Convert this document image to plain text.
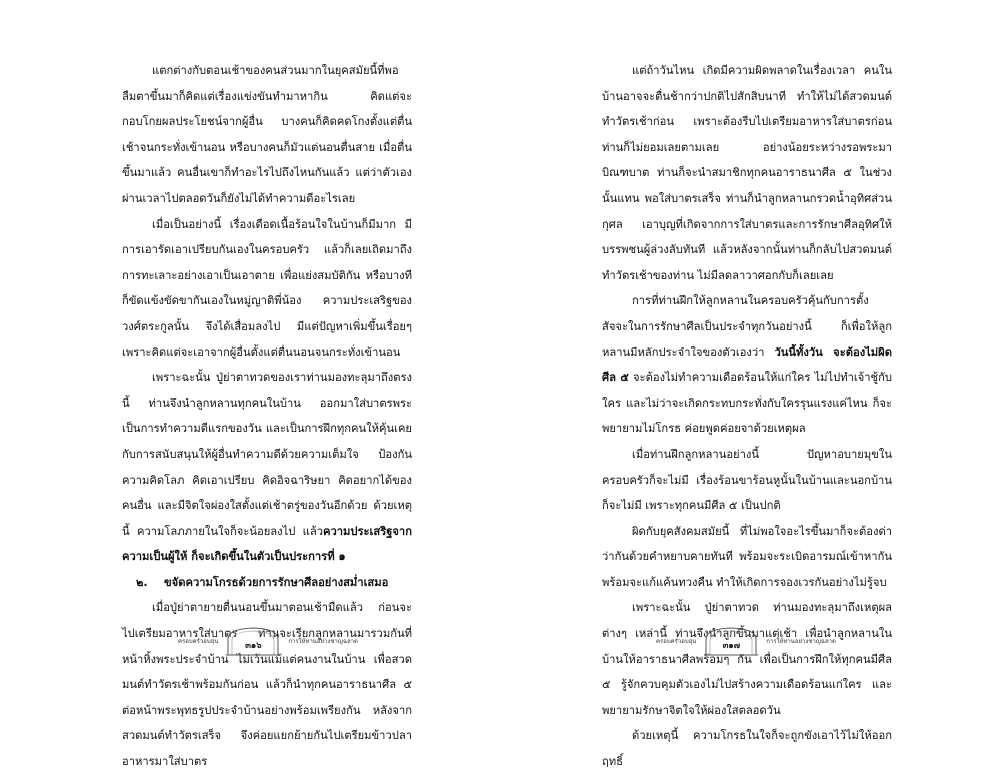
แตกต่างกับตอนเช้าของคนส่วนมากในยุคสมัยนี้ที่พอลืมตาขึ้นมาก็คิดแต่เรื่องแข่งขันทำมาหากิน คิดแต่จะกอบโกยผลประโยชน์จากผู้อื่น บางคนก็คิดคดโกงตั้งแต่ตื่นเช้าจนกระทั่งเข้านอน หรือบางคนก็มัวแต่นอนตื่นสาย เมื่อตื่นขึ้นมาแล้ว คนอื่นเขาก็ทำอะไรไปถึงไหนกันแล้ว แต่ว่าตัวเองผ่านเวลาไปตลอดวันก็ยังไม่ได้ทำความดีอะไรเลย

เมื่อเป็นอย่างนี้ เรื่องเดือดเนื้อร้อนใจในบ้านก็มีมาก มีการเอารัดเอาเปรียบกันเองในครอบครัว แล้วก็เลยเถิดมาถึงการทะเลาะอย่างเอาเป็นเอาตาย เพื่อแย่งสมบัติกัน หรือบางทีก็ขัดแข้งขัดขากันเองในหมู่ญาติพี่น้อง ความประเสริฐของวงศ์ตระกูลนั้น จึงได้เสื่อมลงไป มีแต่ปัญหาเพิ่มขึ้นเรื่อยๆ เพราะคิดแต่จะเอาจากผู้อื่นตั้งแต่ตื่นนอนจนกระทั่งเข้านอน

เพราะฉะนั้น ปู่ย่าตาทวดของเราท่านมองทะลุมาถึงตรงนี้ ท่านจึงนำลูกหลานทุกคนในบ้าน ออกมาใส่บาตรพระ เป็นการทำความดีแรกของวัน และเป็นการฝึกทุกคนให้คุ้นเคยกับการสนับสนุนให้ผู้อื่นทำความดีด้วยความเต็มใจ ป้องกันความคิดโลภ คิดเอาเปรียบ คิดอิจฉาริษยา คิดอยากได้ของคนอื่น และมีจิตใจผ่องใสตั้งแต่เช้าตรู่ของวันอีกด้วย ด้วยเหตุนี้ ความโลภภายในใจก็จะน้อยลงไป แล้วความประเสริฐจากความเป็นผู้ให้ ก็จะเกิดขึ้นในตัวเป็นประการที่ ๑

๒. ขจัดความโกรธด้วยการรักษาศีลอย่างสม่ำเสมอ

เมื่อปู่ย่าตายายตื่นนอนขึ้นมาตอนเช้ามืดแล้ว ก่อนจะไปเตรียมอาหารใส่บาตร ท่านจะเรียกลูกหลานมารวมกันที่หน้าหิ้งพระประจำบ้าน ไม่เว้นแม้แต่คนงานในบ้าน เพื่อสวดมนต์ทำวัตรเช้าพร้อมกันก่อน แล้วก็นำทุกคนอาราธนาศีล ๕ ต่อหน้าพระพุทธรูปประจำบ้านอย่างพร้อมเพรียงกัน หลังจากสวดมนต์ทำวัตรเสร็จ จึงค่อยแยกย้ายกันไปเตรียมข้าวปลาอาหารมาใส่บาตร

ครอบครัวอบอุ่น	๓๑๖	การให้ทานอย่างชาญฉลาด

แต่ถ้าวันไหน เกิดมีความผิดพลาดในเรื่องเวลา คนในบ้านอาจจะตื่นช้ากว่าปกติไปสักสิบนาที ทำให้ไม่ได้สวดมนต์ทำวัตรเช้าก่อน เพราะต้องรีบไปเตรียมอาหารใส่บาตรก่อน ท่านก็ไม่ยอมเลยตามเลย อย่างน้อยระหว่างรอพระมาบิณฑบาต ท่านก็จะนำสมาชิกทุกคนอาราธนาศีล ๕ ในช่วงนั้นแทน พอใส่บาตรเสร็จ ท่านก็นำลูกหลานกรวดน้ำอุทิศส่วนกุศล เอาบุญที่เกิดจากการใส่บาตรและการรักษาศีลอุทิศให้บรรพชนผู้ล่วงลับทันที แล้วหลังจากนั้นท่านก็กลับไปสวดมนต์ทำวัตรเช้าของท่าน ไม่มีลดลาวาศอกกับก็เลยเลย

การที่ท่านฝึกให้ลูกหลานในครอบครัวคุ้นกับการตั้งสัจจะในการรักษาศีลเป็นประจำทุกวันอย่างนี้ ก็เพื่อให้ลูกหลานมีหลักประจำใจของตัวเองว่า วันนี้ทั้งวัน จะต้องไม่ผิดศีล ๕ จะต้องไม่ทำความเดือดร้อนให้แก่ใคร ไม่ไปทำเจ้าชู้กับใคร และไม่ว่าจะเกิดกระทบกระทั่งกับใครรุนแรงแค่ไหน ก็จะพยายามไม่โกรธ ค่อยพูดค่อยจาด้วยเหตุผล

เมื่อท่านฝึกลูกหลานอย่างนี้ ปัญหาอบายมุขในครอบครัวก็จะไม่มี เรื่องร้อนขาร้อนหูนั้นในบ้านและนอกบ้าน ก็จะไม่มี เพราะทุกคนมีศีล ๕ เป็นปกติ

ผิดกับยุคสังคมสมัยนี้ ที่ไม่พอใจอะไรขึ้นมาก็จะต้องด่าว่ากันด้วยคำหยาบคายทันที พร้อมจะระเบิดอารมณ์เข้าหากัน พร้อมจะแก้แค้นทวงคืน ทำให้เกิดการจองเวรกันอย่างไม่รู้จบ

เพราะฉะนั้น ปู่ย่าตาทวด ท่านมองทะลุมาถึงเหตุผลต่างๆ เหล่านี้ ท่านจึงนำลูกขึ้นมาแต่เช้า เพื่อนำลูกหลานในบ้านให้อาราธนาศีลพร้อมๆ กัน เพื่อเป็นการฝึกให้ทุกคนมีศีล ๕ รู้จักควบคุมตัวเองไม่ไปสร้างความเดือดร้อนแก่ใคร และพยายามรักษาจิตใจให้ผ่องใสตลอดวัน

ด้วยเหตุนี้ ความโกรธในใจก็จะถูกขังเอาไว้ไม่ให้ออกฤทธิ์

ครอบครัวอบอุ่น	๓๑๗	การให้ทานอย่างชาญฉลาด
